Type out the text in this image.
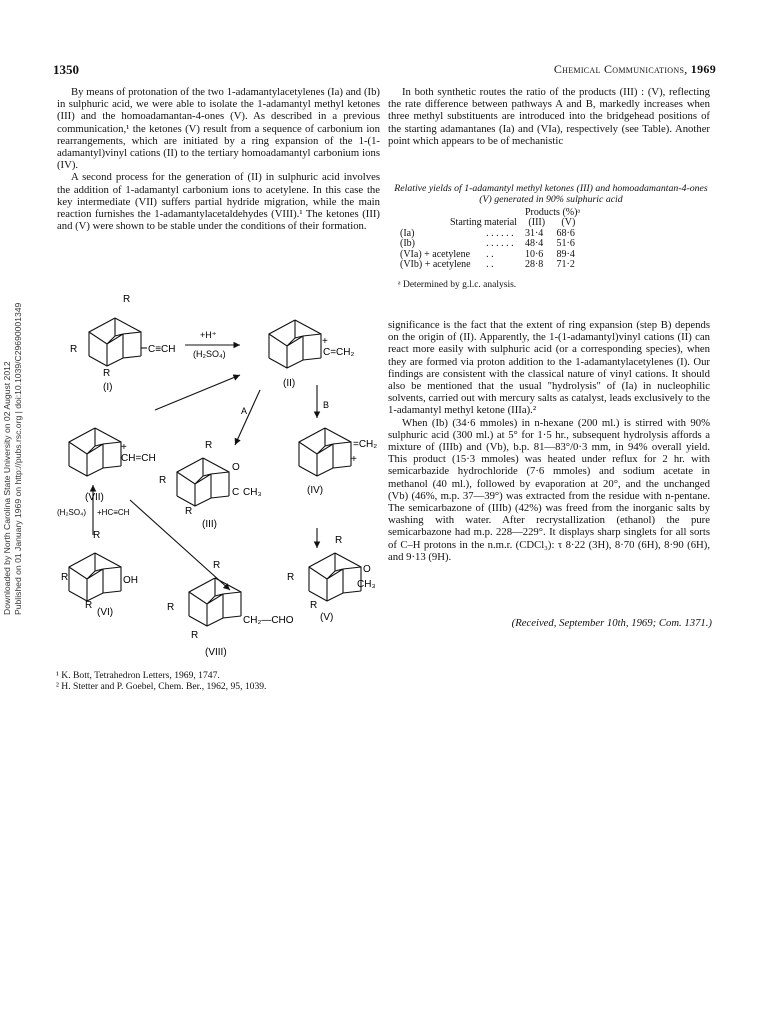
Downloaded by North Carolina State University on 02 August 2012 Published on 01 January 1969 on http://pubs.rsc.org | doi:10.1039/C29690001349
1350	Chemical Communications, 1969

By means of protonation of the two 1-adamantylacetylenes (Ia) and (Ib) in sulphuric acid, we were able to isolate the 1-adamantyl methyl ketones (III) and the homoadamantan-4-ones (V). As described in a previous communication,¹ the ketones (V) result from a sequence of carbonium ion rearrangements, which are initiated by a ring expansion of the 1-(1-adamantyl)vinyl cations (II) to the tertiary homoadamantyl carbonium ions (IV).

A second process for the generation of (II) in sulphuric acid involves the addition of 1-adamantyl carbonium ions to acetylene. In this case the key intermediate (VII) suffers partial hydride migration, while the main reaction furnishes the 1-adamantylacetaldehydes (VIII).¹ The ketones (III) and (V) were shown to be stable under the conditions of their formation.

In both synthetic routes the ratio of the products (III) : (V), reflecting the rate difference between pathways A and B, markedly increases when three methyl substituents are introduced into the bridgehead positions of the starting adamantanes (Ia) and (VIa), respectively (see Table). Another point which appears to be of mechanistic

Relative yields of 1-adamantyl methyl ketones (III) and homoadamantan-4-ones (V) generated in 90% sulphuric acid
		Products (%)ᵃ	
Starting material		(III)	(V)
(Ia)	. . . . . .	31·4	68·6
(Ib)	. . . . . .	48·4	51·6
(VIa) + acetylene	. .	10·6	89·4
(VIb) + acetylene	. .	28·8	71·2
ᵃ Determined by g.l.c. analysis.

significance is the fact that the extent of ring expansion (step B) depends on the origin of (II). Apparently, the 1-(1-adamantyl)vinyl cations (II) can react more easily with sulphuric acid (or a corresponding species), when they are formed via proton addition to the 1-adamantylacetylenes (I). Our findings are consistent with the classical nature of vinyl cations. It should also be mentioned that the usual "hydrolysis" of (Ia) in nucleophilic solvents, carried out with mercury salts as catalyst, leads exclusively to the 1-adamantyl methyl ketone (IIIa).²

When (Ib) (34·6 mmoles) in n-hexane (200 ml.) is stirred with 90% sulphuric acid (300 ml.) at 5° for 1·5 hr., subsequent hydrolysis affords a mixture of (IIIb) and (Vb), b.p. 81—83°/0·3 mm, in 94% overall yield. This product (15·3 mmoles) was heated under reflux for 2 hr. with semicarbazide hydrochloride (7·6 mmoles) and sodium acetate in methanol (40 ml.), followed by evaporation at 20°, and the unchanged (Vb) (46%, m.p. 37—39°) was extracted from the residue with n-pentane. The semicarbazone of (IIIb) (42%) was freed from the inorganic salts by washing with water. After recrystallization (ethanol) the pure semicarbazone had m.p. 228—229°. It displays sharp singlets for all sorts of C–H protons in the n.m.r. (CDCl₃): τ 8·22 (3H), 8·70 (6H), 8·90 (6H), and 9·13 (9H).

(Received, September 10th, 1969; Com. 1371.)
¹ K. Bott, Tetrahedron Letters, 1969, 1747.
² H. Stetter and P. Goebel, Chem. Ber., 1962, 95, 1039.
R
R
R
C≡CH
(I)
+H⁺
(H₂SO₄)
+
C=CH₂
(II)
A
B
+
CH=CH
(VII)
(H₂SO₄) +HC≡CH
R
R
R
O
C CH₃
(III)
=CH₂
+
(IV)
R
R
R
OH
(VI)
R
R
R
O
CH₃
(V)
R
R
R
CH₂—CHO
(VIII)
